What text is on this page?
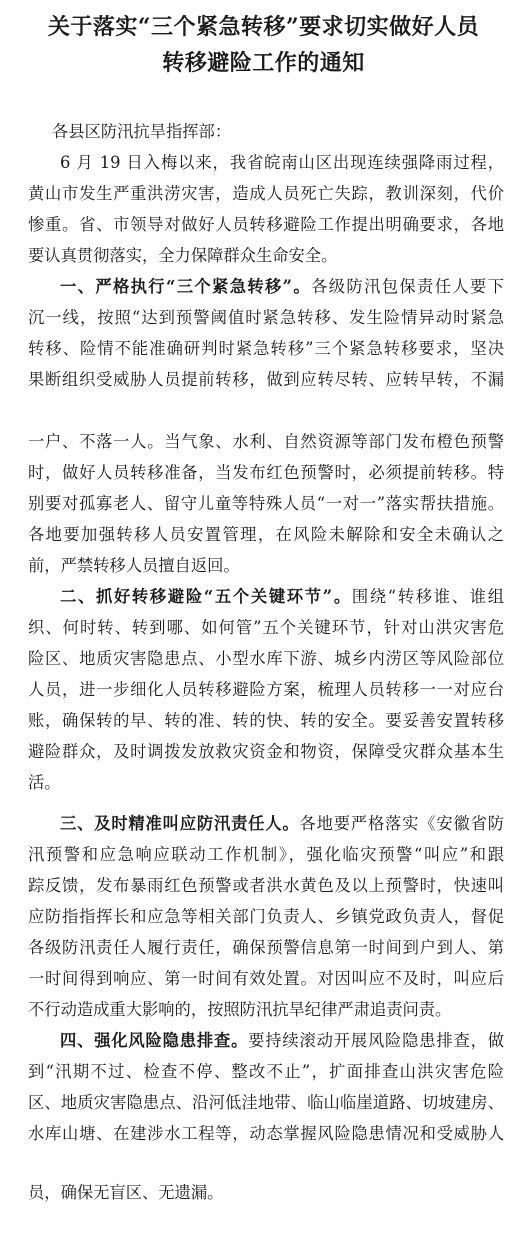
关于落实“三个紧急转移”要求切实做好人员
转移避险工作的通知
各县区防汛抗旱指挥部：
6 月 19 日入梅以来，我省皖南山区出现连续强降雨过程，
黄山市发生严重洪涝灾害，造成人员死亡失踪，教训深刻，代价
惨重。省、市领导对做好人员转移避险工作提出明确要求，各地
要认真贯彻落实，全力保障群众生命安全。
一、严格执行“三个紧急转移”。各级防汛包保责任人要下
沉一线，按照“达到预警阈值时紧急转移、发生险情异动时紧急
转移、险情不能准确研判时紧急转移”三个紧急转移要求，坚决
果断组织受威胁人员提前转移，做到应转尽转、应转早转，不漏
一户、不落一人。当气象、水利、自然资源等部门发布橙色预警
时，做好人员转移准备，当发布红色预警时，必须提前转移。特
别要对孤寡老人、留守儿童等特殊人员“一对一”落实帮扶措施。
各地要加强转移人员安置管理，在风险未解除和安全未确认之
前，严禁转移人员擅自返回。
二、抓好转移避险“五个关键环节”。围绕“转移谁、谁组
织、何时转、转到哪、如何管”五个关键环节，针对山洪灾害危
险区、地质灾害隐患点、小型水库下游、城乡内涝区等风险部位
人员，进一步细化人员转移避险方案，梳理人员转移一一对应台
账，确保转的早、转的准、转的快、转的安全。要妥善安置转移
避险群众，及时调拨发放救灾资金和物资，保障受灾群众基本生
活。
三、及时精准叫应防汛责任人。各地要严格落实《安徽省防
汛预警和应急响应联动工作机制》，强化临灾预警“叫应”和跟
踪反馈，发布暴雨红色预警或者洪水黄色及以上预警时，快速叫
应防指指挥长和应急等相关部门负责人、乡镇党政负责人，督促
各级防汛责任人履行责任，确保预警信息第一时间到户到人、第
一时间得到响应、第一时间有效处置。对因叫应不及时，叫应后
不行动造成重大影响的，按照防汛抗旱纪律严肃追责问责。
四、强化风险隐患排查。要持续滚动开展风险隐患排查，做
到“汛期不过、检查不停、整改不止”，扩面排查山洪灾害危险
区、地质灾害隐患点、沿河低洼地带、临山临崖道路、切坡建房、
水库山塘、在建涉水工程等，动态掌握风险隐患情况和受威胁人
员，确保无盲区、无遗漏。
